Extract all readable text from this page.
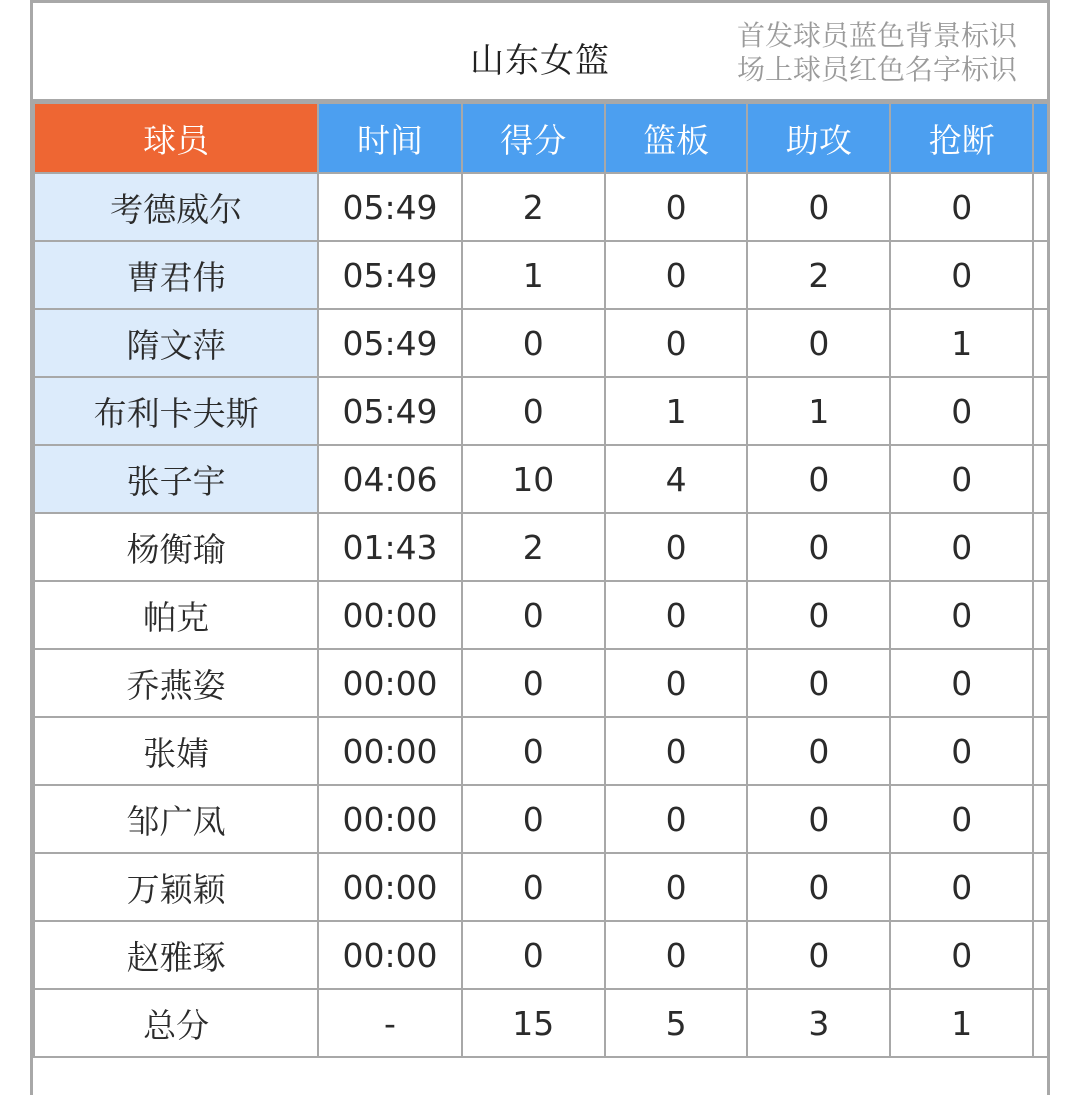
山东女篮
首发球员蓝色背景标识
场上球员红色名字标识
球员	时间	得分	篮板	助攻	抢断	
考德威尔	05:49	2	0	0	0	
曹君伟	05:49	1	0	2	0	
隋文萍	05:49	0	0	0	1	
布利卡夫斯	05:49	0	1	1	0	
张子宇	04:06	10	4	0	0	
杨衡瑜	01:43	2	0	0	0	
帕克	00:00	0	0	0	0	
乔燕姿	00:00	0	0	0	0	
张婧	00:00	0	0	0	0	
邹广凤	00:00	0	0	0	0	
万颖颖	00:00	0	0	0	0	
赵雅琢	00:00	0	0	0	0	
总分	-	15	5	3	1	
